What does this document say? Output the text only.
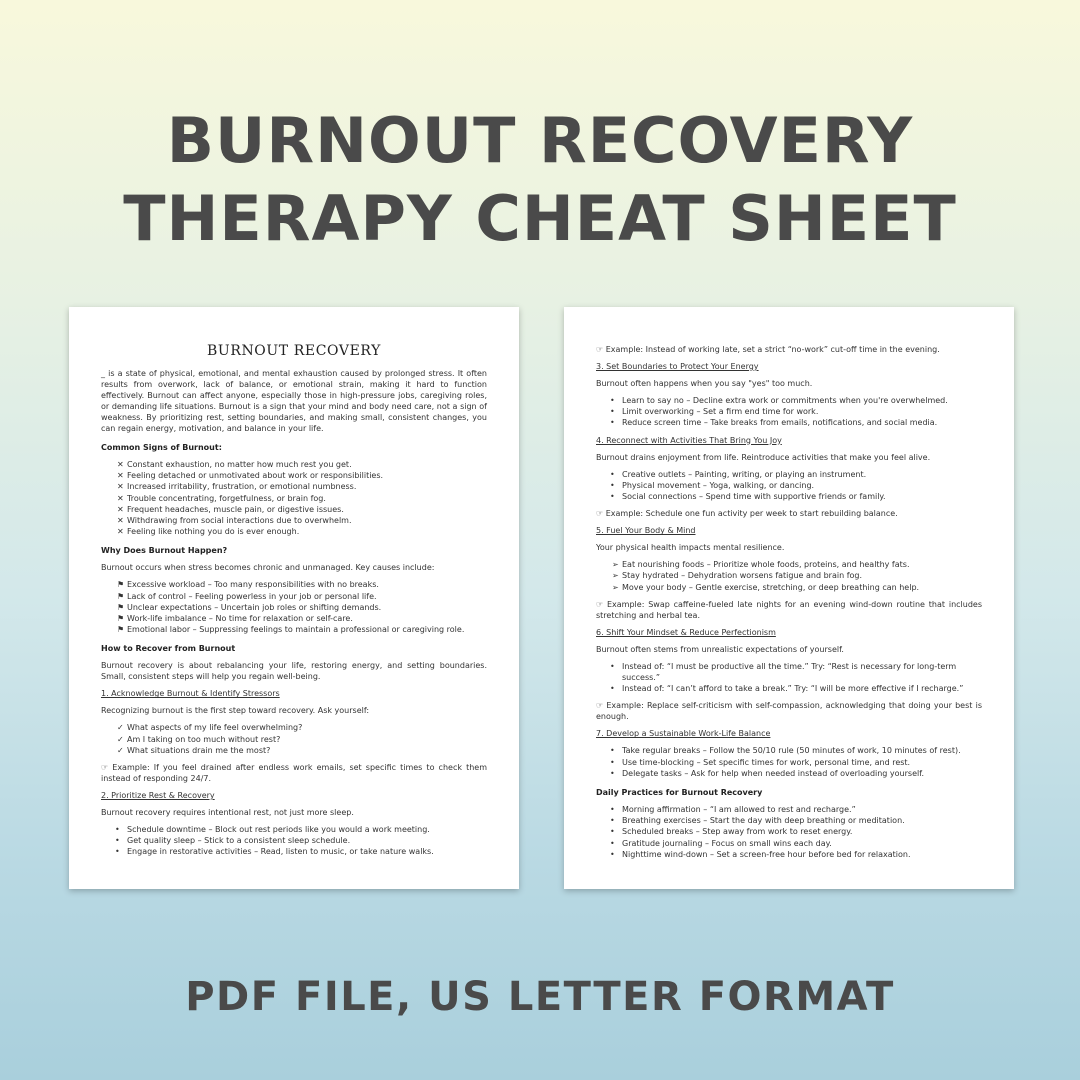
BURNOUT RECOVERY
THERAPY CHEAT SHEET
BURNOUT RECOVERY

_ is a state of physical, emotional, and mental exhaustion caused by prolonged stress. It often results from overwork, lack of balance, or emotional strain, making it hard to function effectively. Burnout can affect anyone, especially those in high-pressure jobs, caregiving roles, or demanding life situations. Burnout is a sign that your mind and body need care, not a sign of weakness. By prioritizing rest, setting boundaries, and making small, consistent changes, you can regain energy, motivation, and balance in your life.

Common Signs of Burnout:
✕ Constant exhaustion, no matter how much rest you get.
✕ Feeling detached or unmotivated about work or responsibilities.
✕ Increased irritability, frustration, or emotional numbness.
✕ Trouble concentrating, forgetfulness, or brain fog.
✕ Frequent headaches, muscle pain, or digestive issues.
✕ Withdrawing from social interactions due to overwhelm.
✕ Feeling like nothing you do is ever enough.
Why Does Burnout Happen?

Burnout occurs when stress becomes chronic and unmanaged. Key causes include:

⚑ Excessive workload – Too many responsibilities with no breaks.
⚑ Lack of control – Feeling powerless in your job or personal life.
⚑ Unclear expectations – Uncertain job roles or shifting demands.
⚑ Work-life imbalance – No time for relaxation or self-care.
⚑ Emotional labor – Suppressing feelings to maintain a professional or caregiving role.
How to Recover from Burnout

Burnout recovery is about rebalancing your life, restoring energy, and setting boundaries. Small, consistent steps will help you regain well-being.

1. Acknowledge Burnout & Identify Stressors

Recognizing burnout is the first step toward recovery. Ask yourself:

✓ What aspects of my life feel overwhelming?
✓ Am I taking on too much without rest?
✓ What situations drain me the most?

☞ Example: If you feel drained after endless work emails, set specific times to check them instead of responding 24/7.

2. Prioritize Rest & Recovery

Burnout recovery requires intentional rest, not just more sleep.

• Schedule downtime – Block out rest periods like you would a work meeting.
• Get quality sleep – Stick to a consistent sleep schedule.
• Engage in restorative activities – Read, listen to music, or take nature walks.

☞ Example: Instead of working late, set a strict “no-work” cut-off time in the evening.

3. Set Boundaries to Protect Your Energy

Burnout often happens when you say "yes" too much.

• Learn to say no – Decline extra work or commitments when you're overwhelmed.
• Limit overworking – Set a firm end time for work.
• Reduce screen time – Take breaks from emails, notifications, and social media.
4. Reconnect with Activities That Bring You Joy

Burnout drains enjoyment from life. Reintroduce activities that make you feel alive.

• Creative outlets – Painting, writing, or playing an instrument.
• Physical movement – Yoga, walking, or dancing.
• Social connections – Spend time with supportive friends or family.

☞ Example: Schedule one fun activity per week to start rebuilding balance.

5. Fuel Your Body & Mind

Your physical health impacts mental resilience.

➢ Eat nourishing foods – Prioritize whole foods, proteins, and healthy fats.
➢ Stay hydrated – Dehydration worsens fatigue and brain fog.
➢ Move your body – Gentle exercise, stretching, or deep breathing can help.

☞ Example: Swap caffeine-fueled late nights for an evening wind-down routine that includes stretching and herbal tea.

6. Shift Your Mindset & Reduce Perfectionism

Burnout often stems from unrealistic expectations of yourself.

• Instead of: “I must be productive all the time.” Try: “Rest is necessary for long-term success.”
• Instead of: “I can’t afford to take a break.” Try: “I will be more effective if I recharge.”

☞ Example: Replace self-criticism with self-compassion, acknowledging that doing your best is enough.

7. Develop a Sustainable Work-Life Balance
• Take regular breaks – Follow the 50/10 rule (50 minutes of work, 10 minutes of rest).
• Use time-blocking – Set specific times for work, personal time, and rest.
• Delegate tasks – Ask for help when needed instead of overloading yourself.
Daily Practices for Burnout Recovery
• Morning affirmation – “I am allowed to rest and recharge.”
• Breathing exercises – Start the day with deep breathing or meditation.
• Scheduled breaks – Step away from work to reset energy.
• Gratitude journaling – Focus on small wins each day.
• Nighttime wind-down – Set a screen-free hour before bed for relaxation.
PDF FILE, US LETTER FORMAT
